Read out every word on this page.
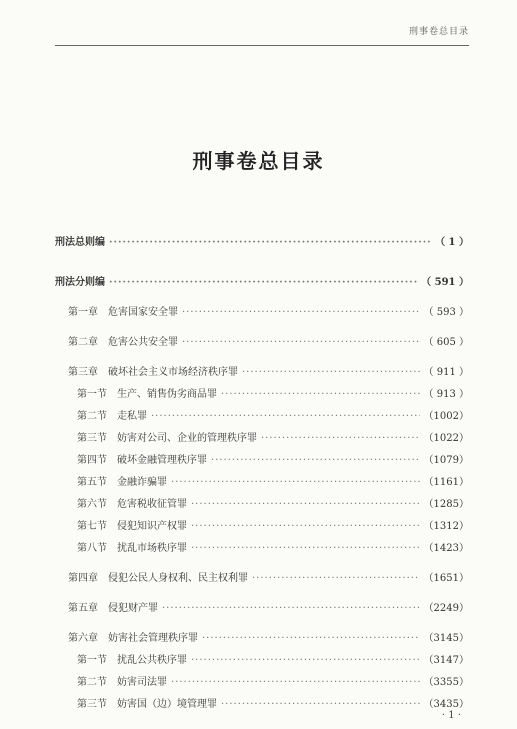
刑事卷总目录
刑事卷总目录
刑法总则编 ·····	（ 1 ）
刑法分则编 ·····	（ 591 ）
第一章 危害国家安全罪 ·····	（ 593 ）
第二章 危害公共安全罪 ·····	（ 605 ）
第三章 破坏社会主义市场经济秩序罪 ·····	（ 911 ）
第一节 生产、销售伪劣商品罪 ·····	（ 913 ）
第二节 走私罪 ·····	（1002）
第三节 妨害对公司、企业的管理秩序罪 ·····	（1022）
第四节 破坏金融管理秩序罪 ·····	（1079）
第五节 金融诈骗罪 ·····	（1161）
第六节 危害税收征管罪 ·····	（1285）
第七节 侵犯知识产权罪 ·····	（1312）
第八节 扰乱市场秩序罪 ·····	（1423）
第四章 侵犯公民人身权利、民主权利罪 ·····	（1651）
第五章 侵犯财产罪 ·····	（2249）
第六章 妨害社会管理秩序罪 ·····	（3145）
第一节 扰乱公共秩序罪 ·····	（3147）
第二节 妨害司法罪 ·····	（3355）
第三节 妨害国（边）境管理罪 ·····	（3435）
· 1 ·
